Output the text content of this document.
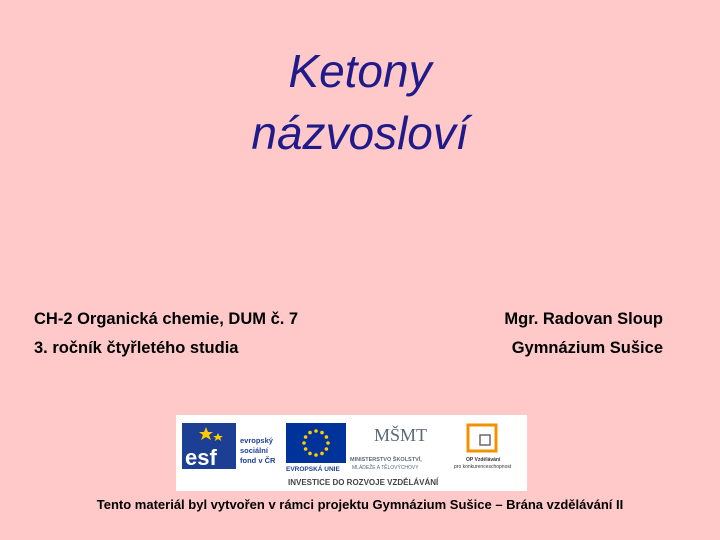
Ketony
názvosloví
CH-2 Organická chemie, DUM č. 7
3. ročník čtyřletého studia
Mgr. Radovan Sloup
Gymnázium Sušice
esf
evropský
sociální
fond v ČR
EVROPSKÁ UNIE
MŠMT
MINISTERSTVO ŠKOLSTVÍ,
MLÁDEŽE A TĚLOVÝCHOVY
OP Vzdělávání
pro konkurenceschopnost
INVESTICE DO ROZVOJE VZDĚLÁVÁNÍ
Tento materiál byl vytvořen v rámci projektu Gymnázium Sušice – Brána vzdělávání II
